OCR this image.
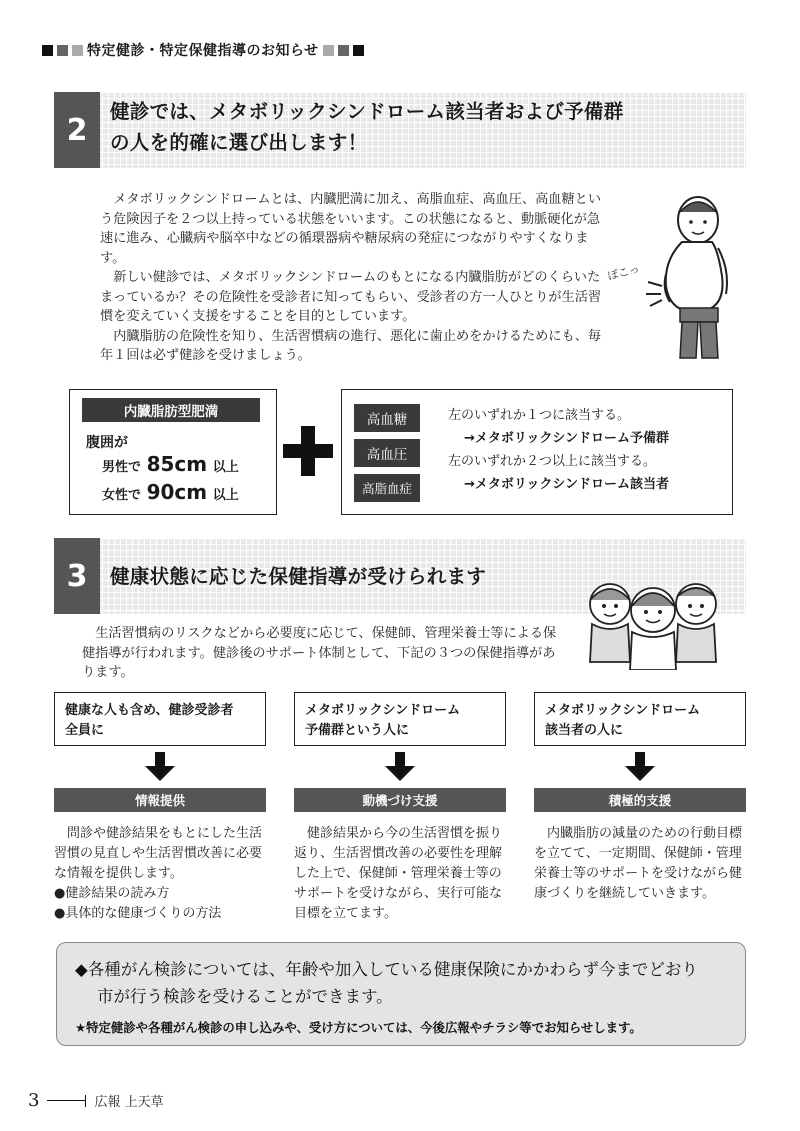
特定健診・特定保健指導のお知らせ
2
健診では、メタボリックシンドローム該当者および予備群
の人を的確に選び出します！

メタボリックシンドロームとは、内臓肥満に加え、高脂血症、高血圧、高血糖という危険因子を２つ以上持っている状態をいいます。この状態になると、動脈硬化が急速に進み、心臓病や脳卒中などの循環器病や糖尿病の発症につながりやすくなります。

新しい健診では、メタボリックシンドロームのもとになる内臓脂肪がどのくらいたまっているか？その危険性を受診者に知ってもらい、受診者の方一人ひとりが生活習慣を変えていく支援をすることを目的としています。

内臓脂肪の危険性を知り、生活習慣病の進行、悪化に歯止めをかけるためにも、毎年１回は必ず健診を受けましょう。

ぽこっ
内臓脂肪型肥満
腹囲が
男性で 85cm 以上
女性で 90cm 以上
高血糖
高血圧
高脂血症
左のいずれか１つに該当する。
→メタボリックシンドローム予備群
左のいずれか２つ以上に該当する。
→メタボリックシンドローム該当者
3	健康状態に応じた保健指導が受けられます

生活習慣病のリスクなどから必要度に応じて、保健師、管理栄養士等による保健指導が行われます。健診後のサポート体制として、下記の３つの保健指導があります。

健康な人も含め、健診受診者
全員に
情報提供

問診や健診結果をもとにした生活習慣の見直しや生活習慣改善に必要な情報を提供します。

●健診結果の読み方
●具体的な健康づくりの方法
メタボリックシンドローム
予備群という人に
動機づけ支援

健診結果から今の生活習慣を振り返り、生活習慣改善の必要性を理解した上で、保健師・管理栄養士等のサポートを受けながら、実行可能な目標を立てます。

メタボリックシンドローム
該当者の人に
積極的支援

内臓脂肪の減量のための行動目標を立てて、一定期間、保健師・管理栄養士等のサポートを受けながら健康づくりを継続していきます。

◆各種がん検診については、年齢や加入している健康保険にかかわらず今までどおり
市が行う検診を受けることができます。
★特定健診や各種がん検診の申し込みや、受け方については、今後広報やチラシ等でお知らせします。
3	広報 上天草
